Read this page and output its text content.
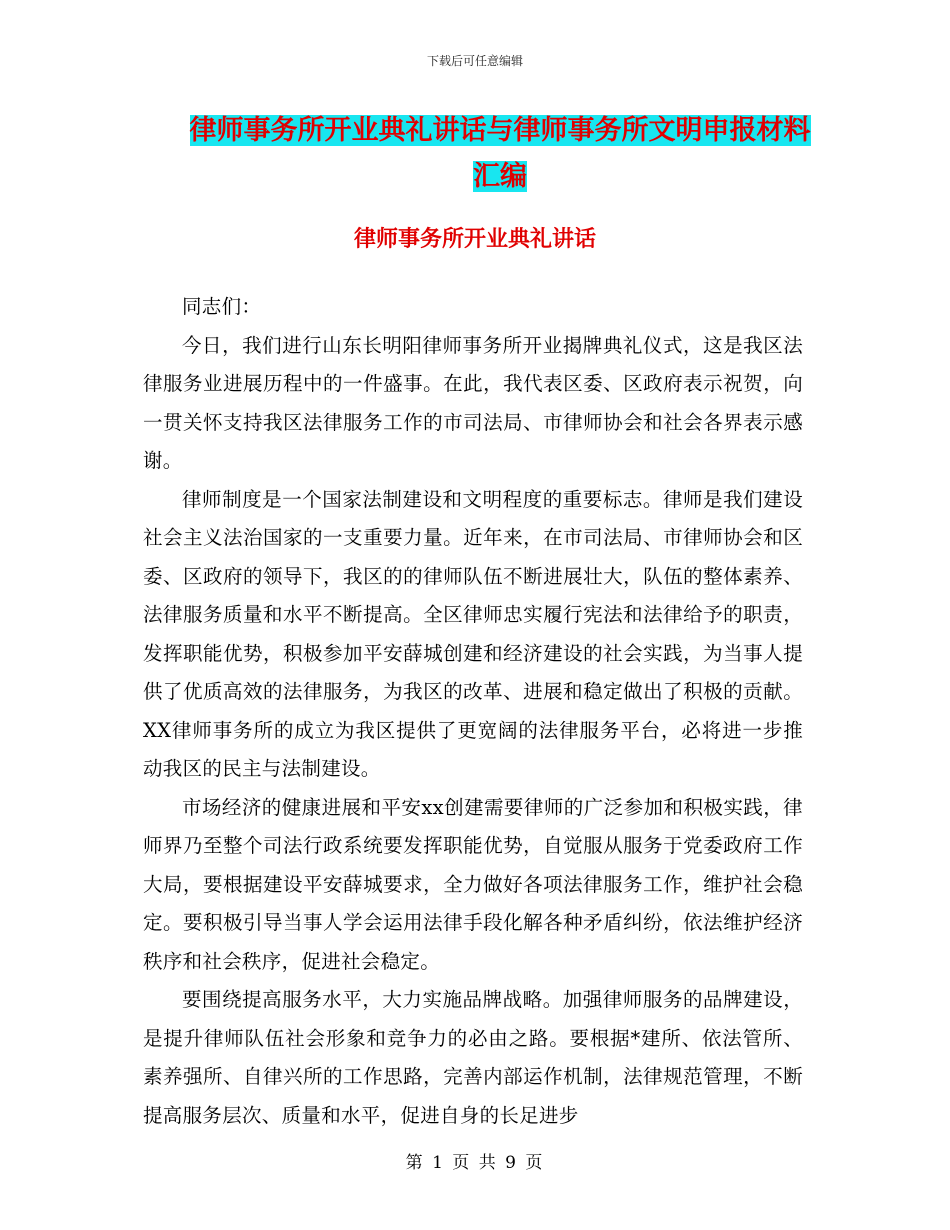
下载后可任意编辑
律师事务所开业典礼讲话与律师事务所文明申报材料
汇编
律师事务所开业典礼讲话

同志们：

今日，我们进行山东长明阳律师事务所开业揭牌典礼仪式，这是我区法律服务业进展历程中的一件盛事。在此，我代表区委、区政府表示祝贺，向一贯关怀支持我区法律服务工作的市司法局、市律师协会和社会各界表示感谢。

律师制度是一个国家法制建设和文明程度的重要标志。律师是我们建设社会主义法治国家的一支重要力量。近年来，在市司法局、市律师协会和区委、区政府的领导下，我区的的律师队伍不断进展壮大，队伍的整体素养、法律服务质量和水平不断提高。全区律师忠实履行宪法和法律给予的职责，发挥职能优势，积极参加平安薛城创建和经济建设的社会实践，为当事人提供了优质高效的法律服务，为我区的改革、进展和稳定做出了积极的贡献。XX律师事务所的成立为我区提供了更宽阔的法律服务平台，必将进一步推动我区的民主与法制建设。

市场经济的健康进展和平安xx创建需要律师的广泛参加和积极实践，律师界乃至整个司法行政系统要发挥职能优势，自觉服从服务于党委政府工作大局，要根据建设平安薛城要求，全力做好各项法律服务工作，维护社会稳定。要积极引导当事人学会运用法律手段化解各种矛盾纠纷，依法维护经济秩序和社会秩序，促进社会稳定。

要围绕提高服务水平，大力实施品牌战略。加强律师服务的品牌建设，是提升律师队伍社会形象和竞争力的必由之路。要根据*建所、依法管所、素养强所、自律兴所的工作思路，完善内部运作机制，法律规范管理，不断提高服务层次、质量和水平，促进自身的长足进步

第 1 页 共 9 页
